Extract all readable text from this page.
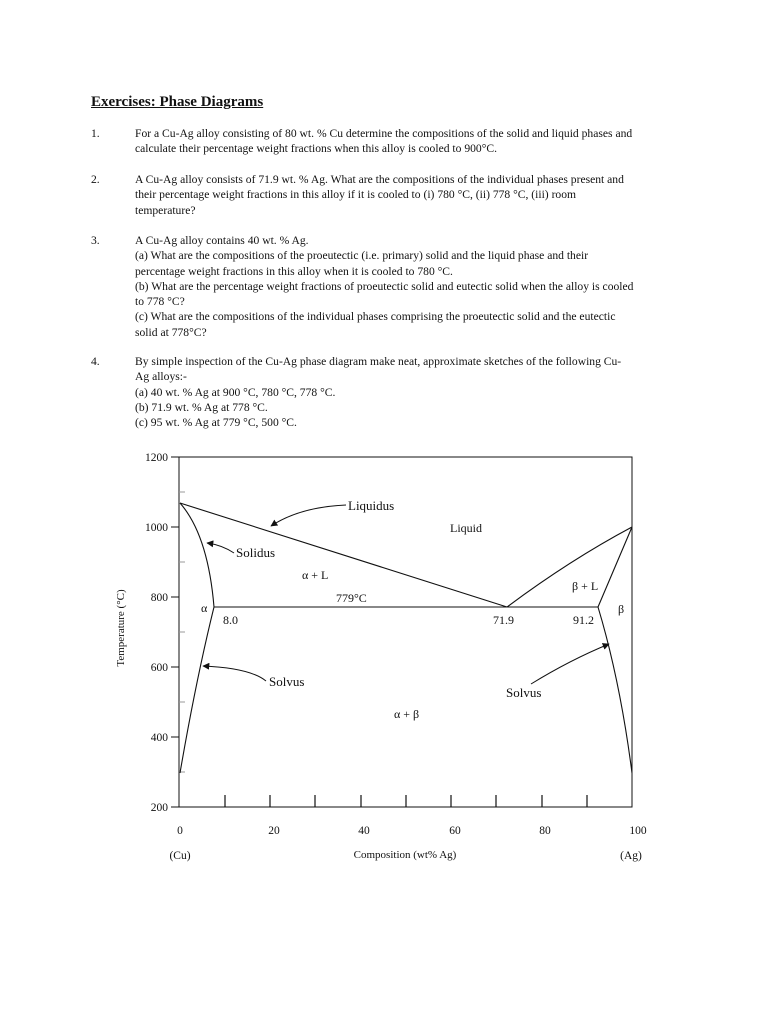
Exercises: Phase Diagrams
1.	For a Cu-Ag alloy consisting of 80 wt. % Cu determine the compositions of the solid and liquid phases and
calculate their percentage weight fractions when this alloy is cooled to 900°C.
2.	A Cu-Ag alloy consists of 71.9 wt. % Ag. What are the compositions of the individual phases present and
their percentage weight fractions in this alloy if it is cooled to (i) 780 °C, (ii) 778 °C, (iii) room
temperature?
3.	A Cu-Ag alloy contains 40 wt. % Ag.
(a) What are the compositions of the proeutectic (i.e. primary) solid and the liquid phase and their
percentage weight fractions in this alloy when it is cooled to 780 °C.
(b) What are the percentage weight fractions of proeutectic solid and eutectic solid when the alloy is cooled
to 778 °C?
(c) What are the compositions of the individual phases comprising the proeutectic solid and the eutectic
solid at 778°C?
4.	By simple inspection of the Cu-Ag phase diagram make neat, approximate sketches of the following Cu-
Ag alloys:-
(a) 40 wt. % Ag at 900 °C, 780 °C, 778 °C.
(b) 71.9 wt. % Ag at 778 °C.
(c) 95 wt. % Ag at 779 °C, 500 °C.
1200
1000
800
600
400
200
0	20	40	60	80	100
(Cu)	Composition (wt% Ag)	(Ag)
Temperature (°C)
Liquidus
Liquid
Solidus
α + L
779°C
β + L
α	β
8.0	71.9	91.2
Solvus
Solvus
α + β
